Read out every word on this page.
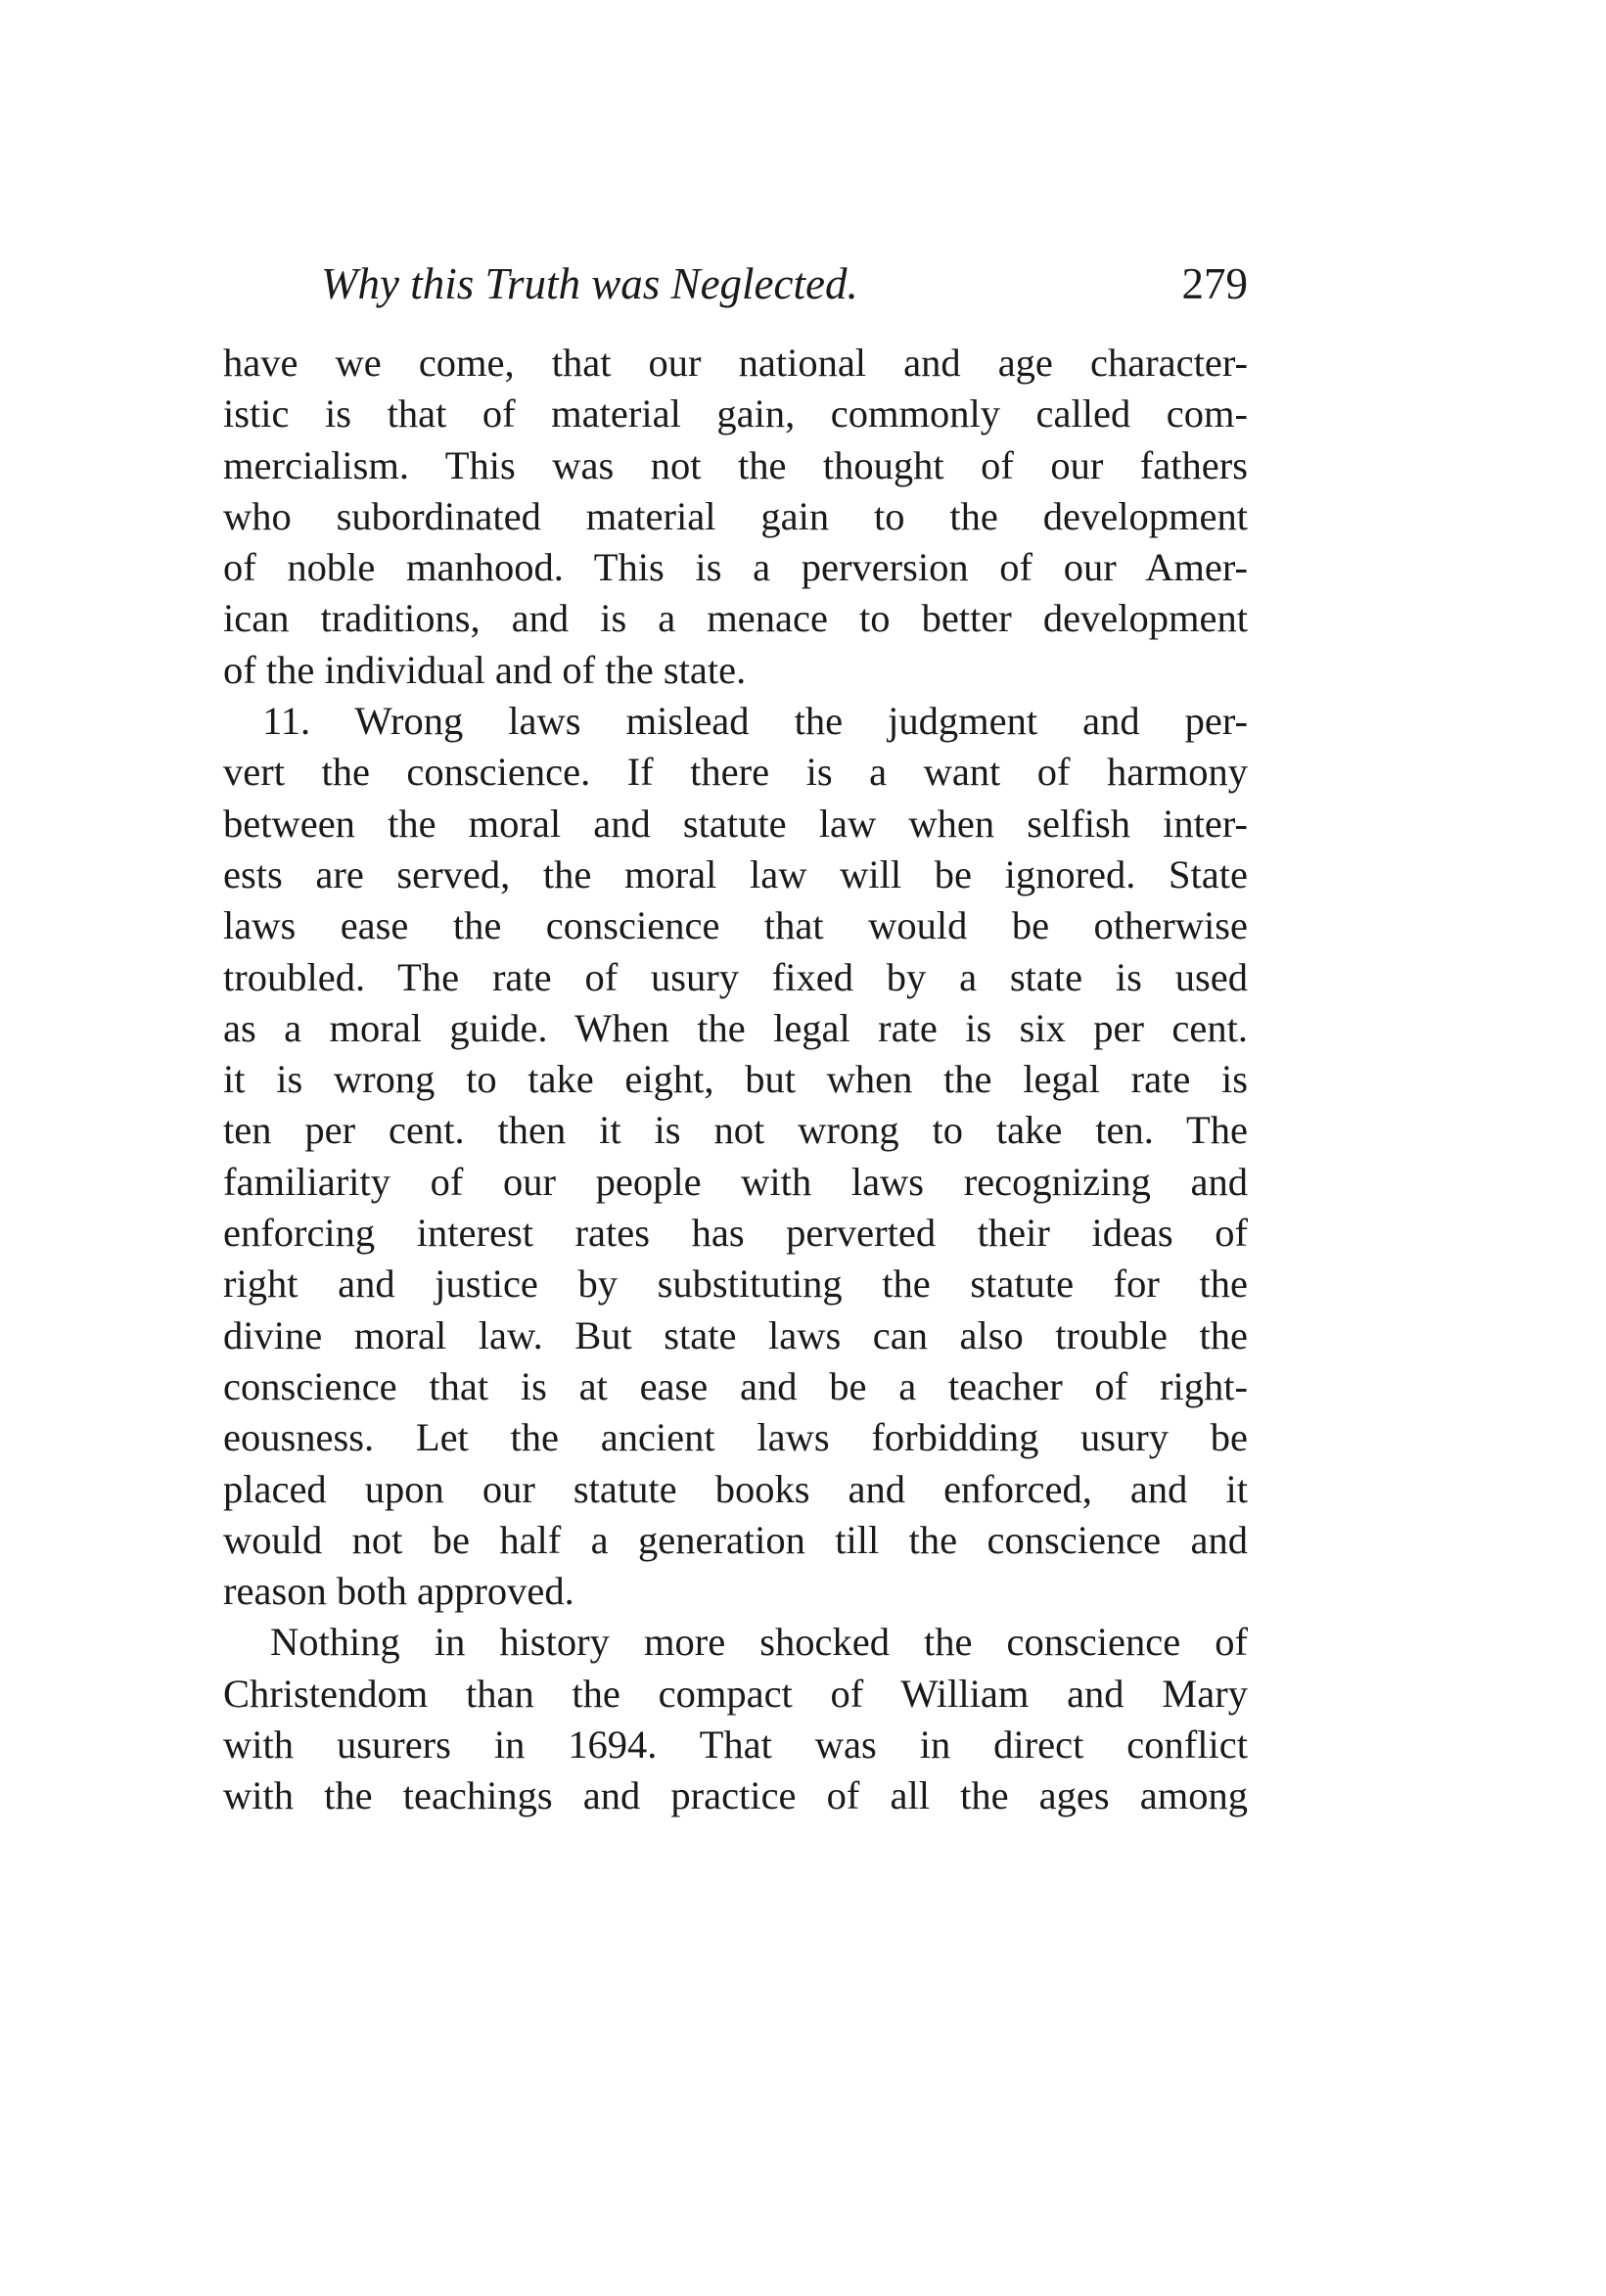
Why this Truth was Neglected.	279
have we come, that our national and age character-
istic is that of material gain, commonly called com-
mercialism. This was not the thought of our fathers
who subordinated material gain to the development
of noble manhood. This is a perversion of our Amer-
ican traditions, and is a menace to better development
of the individual and of the state.
11. Wrong laws mislead the judgment and per-
vert the conscience. If there is a want of harmony
between the moral and statute law when selfish inter-
ests are served, the moral law will be ignored. State
laws ease the conscience that would be otherwise
troubled. The rate of usury fixed by a state is used
as a moral guide. When the legal rate is six per cent.
it is wrong to take eight, but when the legal rate is
ten per cent. then it is not wrong to take ten. The
familiarity of our people with laws recognizing and
enforcing interest rates has perverted their ideas of
right and justice by substituting the statute for the
divine moral law. But state laws can also trouble the
conscience that is at ease and be a teacher of right-
eousness. Let the ancient laws forbidding usury be
placed upon our statute books and enforced, and it
would not be half a generation till the conscience and
reason both approved.
Nothing in history more shocked the conscience of
Christendom than the compact of William and Mary
with usurers in 1694. That was in direct conflict
with the teachings and practice of all the ages among
